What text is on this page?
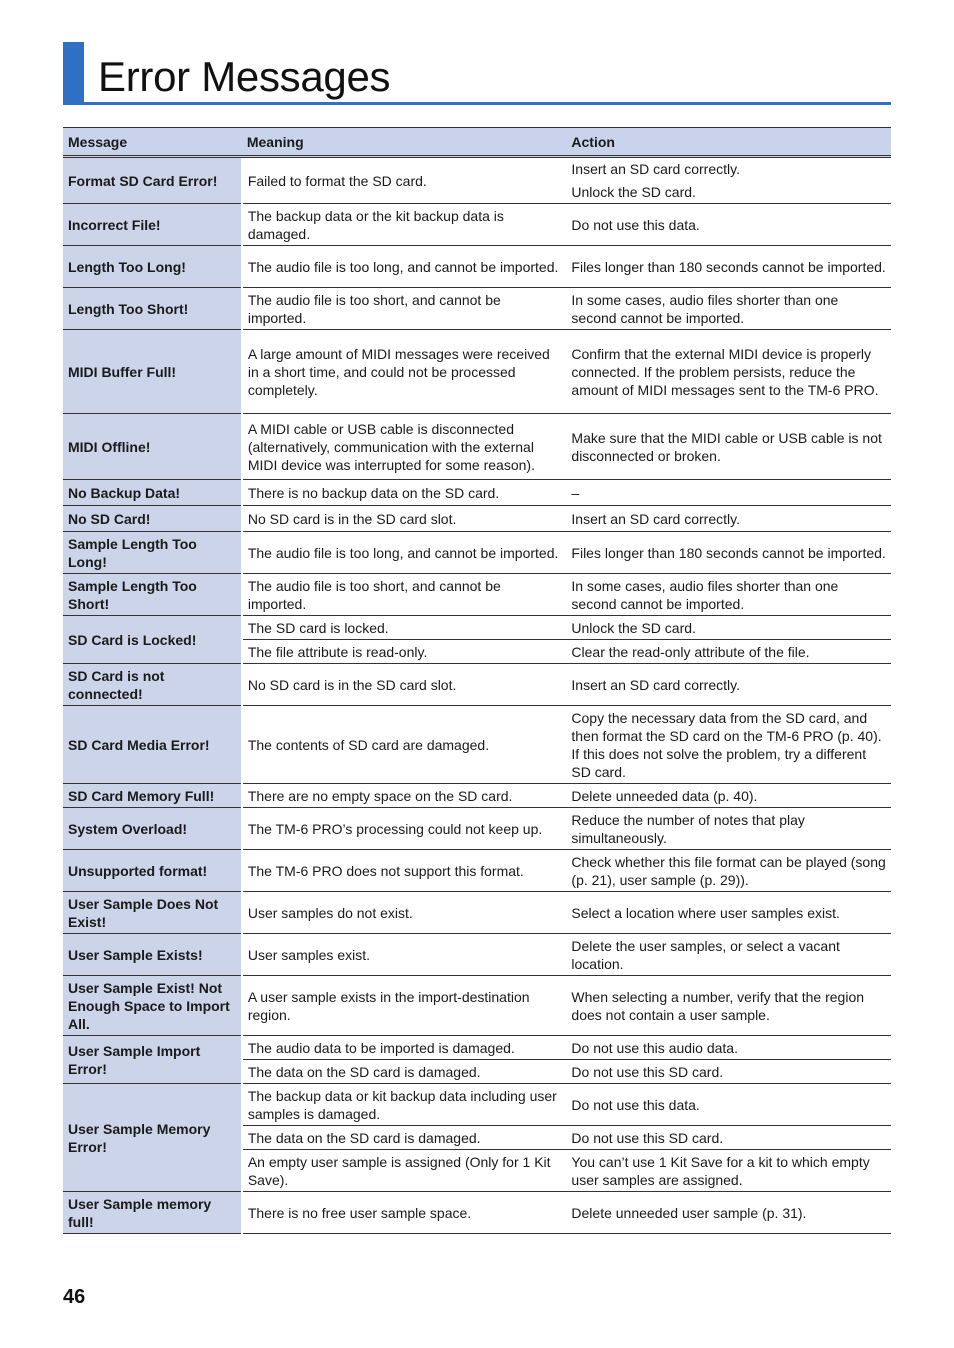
Error Messages
Message	Meaning	Action
Format SD Card Error!	Failed to format the SD card.	Insert an SD card correctly.
Unlock the SD card.

Incorrect File!	The backup data or the kit backup data is damaged.	Do not use this data.

Length Too Long!	The audio file is too long, and cannot be imported.	Files longer than 180 seconds cannot be imported.

Length Too Short!	The audio file is too short, and cannot be imported.	In some cases, audio files shorter than one second cannot be imported.

MIDI Buffer Full!	A large amount of MIDI messages were received in a short time, and could not be processed completely.	Confirm that the external MIDI device is properly connected. If the problem persists, reduce the amount of MIDI messages sent to the TM-6 PRO.

MIDI Offline!	A MIDI cable or USB cable is disconnected (alternatively, communication with the external MIDI device was interrupted for some reason).	Make sure that the MIDI cable or USB cable is not disconnected or broken.

No Backup Data!	There is no backup data on the SD card.	–

No SD Card!	No SD card is in the SD card slot.	Insert an SD card correctly.

Sample Length Too Long!	The audio file is too long, and cannot be imported.	Files longer than 180 seconds cannot be imported.

Sample Length Too Short!	The audio file is too short, and cannot be imported.	In some cases, audio files shorter than one second cannot be imported.

SD Card is Locked!	The SD card is locked.	Unlock the SD card.

	The file attribute is read-only.	Clear the read-only attribute of the file.

SD Card is not connected!	No SD card is in the SD card slot.	Insert an SD card correctly.

SD Card Media Error!	The contents of SD card are damaged.	Copy the necessary data from the SD card, and then format the SD card on the TM-6 PRO (p. 40). If this does not solve the problem, try a different SD card.

SD Card Memory Full!	There are no empty space on the SD card.	Delete unneeded data (p. 40).

System Overload!	The TM-6 PRO’s processing could not keep up.	Reduce the number of notes that play simultaneously.

Unsupported format!	The TM-6 PRO does not support this format.	Check whether this file format can be played (song (p. 21), user sample (p. 29)).

User Sample Does Not Exist!	User samples do not exist.	Select a location where user samples exist.

User Sample Exists!	User samples exist.	Delete the user samples, or select a vacant location.

User Sample Exist! Not Enough Space to Import All.	A user sample exists in the import-destination region.	When selecting a number, verify that the region does not contain a user sample.

User Sample Import Error!	The audio data to be imported is damaged.	Do not use this audio data.

	The data on the SD card is damaged.	Do not use this SD card.

User Sample Memory Error!	The backup data or kit backup data including user samples is damaged.	Do not use this data.

	The data on the SD card is damaged.	Do not use this SD card.

	An empty user sample is assigned (Only for 1 Kit Save).	You can’t use 1 Kit Save for a kit to which empty user samples are assigned.

User Sample memory full!	There is no free user sample space.	Delete unneeded user sample (p. 31).
46
